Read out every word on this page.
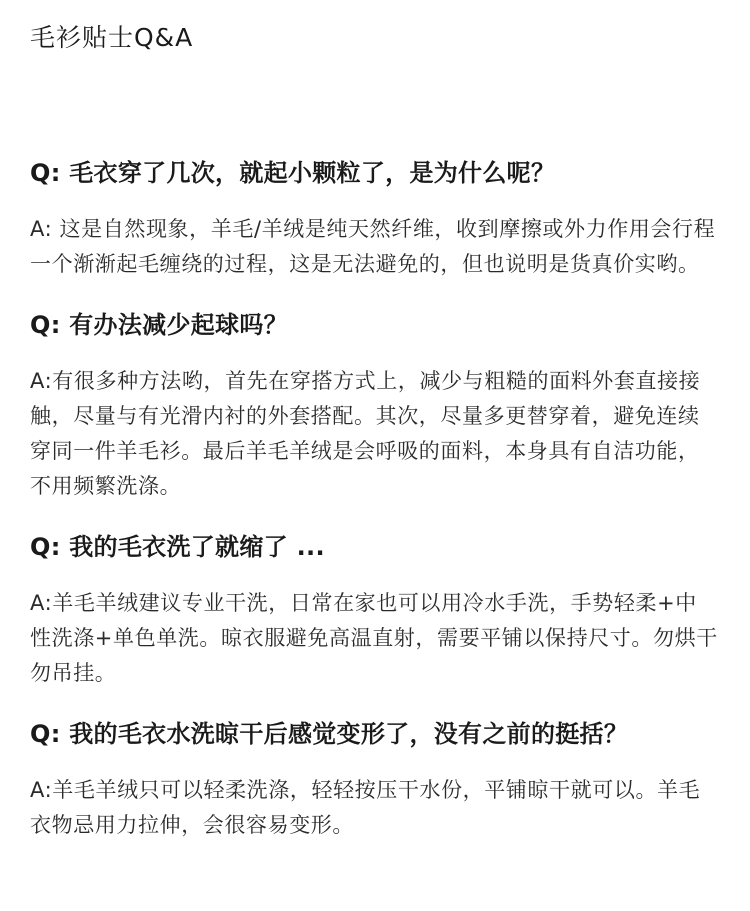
毛衫贴士Q&A

Q: 毛衣穿了几次，就起小颗粒了，是为什么呢？

A: 这是自然现象，羊毛/羊绒是纯天然纤维，收到摩擦或外力作用会行程一个渐渐起毛缠绕的过程，这是无法避免的，但也说明是货真价实哟。

Q: 有办法减少起球吗？

A:有很多种方法哟，首先在穿搭方式上，减少与粗糙的面料外套直接接触，尽量与有光滑内衬的外套搭配。其次，尽量多更替穿着，避免连续穿同一件羊毛衫。最后羊毛羊绒是会呼吸的面料，本身具有自洁功能，不用频繁洗涤。

Q: 我的毛衣洗了就缩了 ...

A:羊毛羊绒建议专业干洗，日常在家也可以用冷水手洗，手势轻柔+中性洗涤+单色单洗。晾衣服避免高温直射，需要平铺以保持尺寸。勿烘干勿吊挂。

Q: 我的毛衣水洗晾干后感觉变形了，没有之前的挺括？

A:羊毛羊绒只可以轻柔洗涤，轻轻按压干水份，平铺晾干就可以。羊毛衣物忌用力拉伸，会很容易变形。
